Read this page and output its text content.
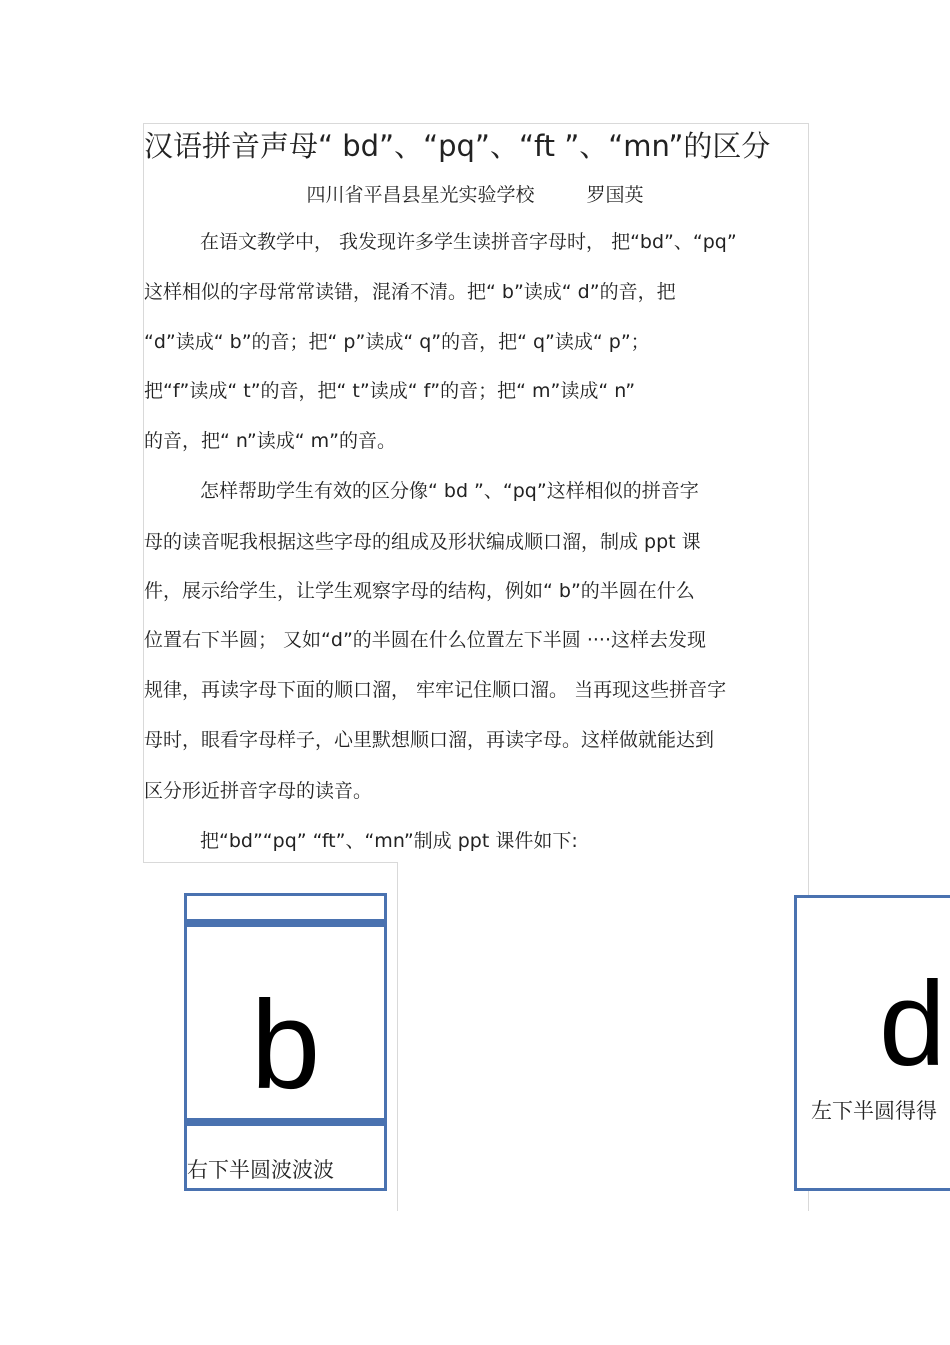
汉语拼音声母“ bd”、“pq”、“ft ”、“mn”的区分
四川省平昌县星光实验学校	罗国英
在语文教学中， 我发现许多学生读拼音字母时， 把“bd”、“pq”
这样相似的字母常常读错，混淆不清。把“ b”读成“ d”的音，把
“d”读成“ b”的音；把“ p”读成“ q”的音，把“ q”读成“ p”；
把“f”读成“ t”的音，把“ t”读成“ f”的音；把“ m”读成“ n”
的音，把“ n”读成“ m”的音。
怎样帮助学生有效的区分像“ bd ”、“pq”这样相似的拼音字
母的读音呢我根据这些字母的组成及形状编成顺口溜，制成 ppt 课
件，展示给学生，让学生观察字母的结构，例如“ b”的半圆在什么
位置右下半圆； 又如“d”的半圆在什么位置左下半圆 ····这样去发现
规律，再读字母下面的顺口溜， 牢牢记住顺口溜。 当再现这些拼音字
母时，眼看字母样子，心里默想顺口溜，再读字母。这样做就能达到
区分形近拼音字母的读音。
把“bd”“pq” “ft”、“mn”制成 ppt 课件如下:
b
右下半圆波波波
d
左下半圆得得
